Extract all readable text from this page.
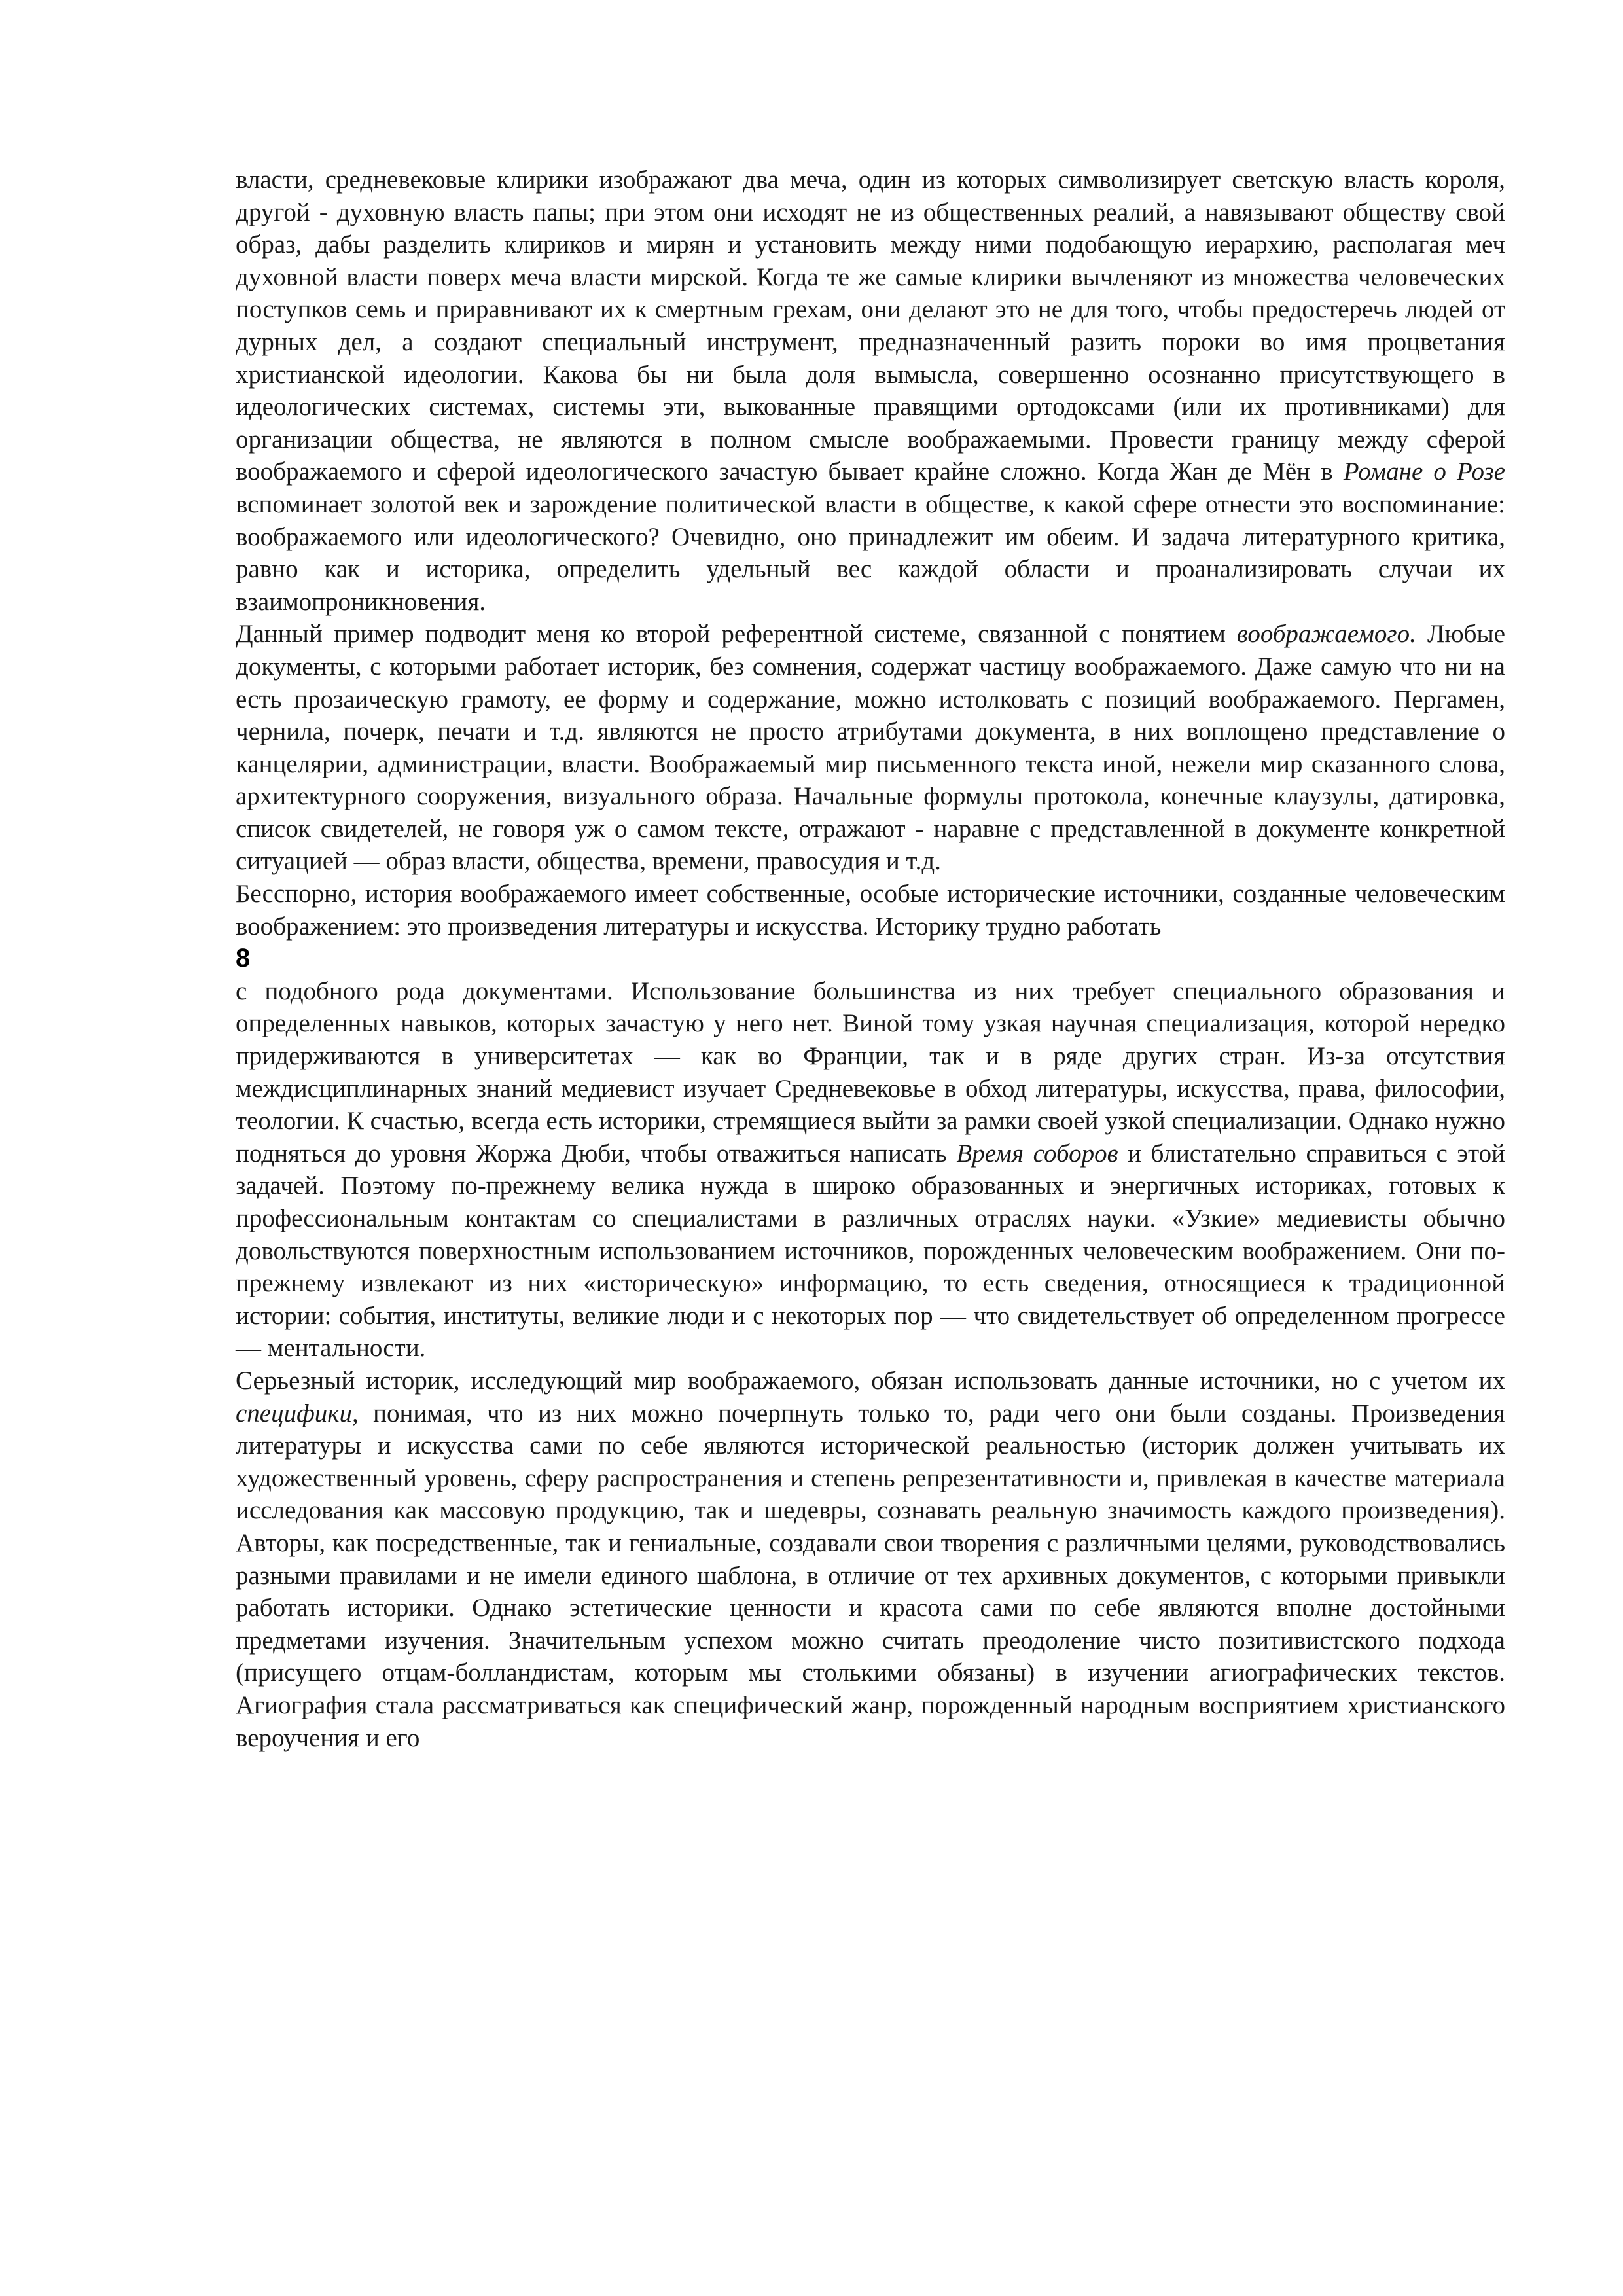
власти, средневековые клирики изображают два меча, один из которых символизирует светскую власть короля, другой - духовную власть папы; при этом они исходят не из общественных реалий, а навязывают обществу свой образ, дабы разделить клириков и мирян и установить между ними подобающую иерархию, располагая меч духовной власти поверх меча власти мирской. Когда те же самые клирики вычленяют из множества человеческих поступков семь и приравнивают их к смертным грехам, они делают это не для того, чтобы предостеречь людей от дурных дел, а создают специальный инструмент, предназначенный разить пороки во имя процветания христианской идеологии. Какова бы ни была доля вымысла, совершенно осознанно присутствующего в идеологических системах, системы эти, выкованные правящими ортодоксами (или их противниками) для организации общества, не являются в полном смысле воображаемыми. Провести границу между сферой воображаемого и сферой идеологического зачастую бывает крайне сложно. Когда Жан де Мён в Романе о Розе вспоминает золотой век и зарождение политической власти в обществе, к какой сфере отнести это воспоминание: воображаемого или идеологического? Очевидно, оно принадлежит им обеим. И задача литературного критика, равно как и историка, определить удельный вес каждой области и проанализировать случаи их взаимопроникновения.

Данный пример подводит меня ко второй референтной системе, связанной с понятием воображаемого. Любые документы, с которыми работает историк, без сомнения, содержат частицу воображаемого. Даже самую что ни на есть прозаическую грамоту, ее форму и содержание, можно истолковать с позиций воображаемого. Пергамен, чернила, почерк, печати и т.д. являются не просто атрибутами документа, в них воплощено представление о канцелярии, администрации, власти. Воображаемый мир письменного текста иной, нежели мир сказанного слова, архитектурного сооружения, визуального образа. Начальные формулы протокола, конечные клаузулы, датировка, список свидетелей, не говоря уж о самом тексте, отражают - наравне с представленной в документе конкретной ситуацией — образ власти, общества, времени, правосудия и т.д.

Бесспорно, история воображаемого имеет собственные, особые исторические источники, созданные человеческим воображением: это произведения литературы и искусства. Историку трудно работать

8

с подобного рода документами. Использование большинства из них требует специального образования и определенных навыков, которых зачастую у него нет. Виной тому узкая научная специализация, которой нередко придерживаются в университетах — как во Франции, так и в ряде других стран. Из-за отсутствия междисциплинарных знаний медиевист изучает Средневековье в обход литературы, искусства, права, философии, теологии. К счастью, всегда есть историки, стремящиеся выйти за рамки своей узкой специализации. Однако нужно подняться до уровня Жоржа Дюби, чтобы отважиться написать Время соборов и блистательно справиться с этой задачей. Поэтому по-прежнему велика нужда в широко образованных и энергичных историках, готовых к профессиональным контактам со специалистами в различных отраслях науки. «Узкие» медиевисты обычно довольствуются поверхностным использованием источников, порожденных человеческим воображением. Они по-прежнему извлекают из них «историческую» информацию, то есть сведения, относящиеся к традиционной истории: события, институты, великие люди и с некоторых пор — что свидетельствует об определенном прогрессе — ментальности.

Серьезный историк, исследующий мир воображаемого, обязан использовать данные источники, но с учетом их специфики, понимая, что из них можно почерпнуть только то, ради чего они были созданы. Произведения литературы и искусства сами по себе являются исторической реальностью (историк должен учитывать их художественный уровень, сферу распространения и степень репрезентативности и, привлекая в качестве материала исследования как массовую продукцию, так и шедевры, сознавать реальную значимость каждого произведения). Авторы, как посредственные, так и гениальные, создавали свои творения с различными целями, руководствовались разными правилами и не имели единого шаблона, в отличие от тех архивных документов, с которыми привыкли работать историки. Однако эстетические ценности и красота сами по себе являются вполне достойными предметами изучения. Значительным успехом можно считать преодоление чисто позитивистского подхода (присущего отцам-болландистам, которым мы столькими обязаны) в изучении агиографических текстов. Агиография стала рассматриваться как специфический жанр, порожденный народным восприятием христианского вероучения и его
